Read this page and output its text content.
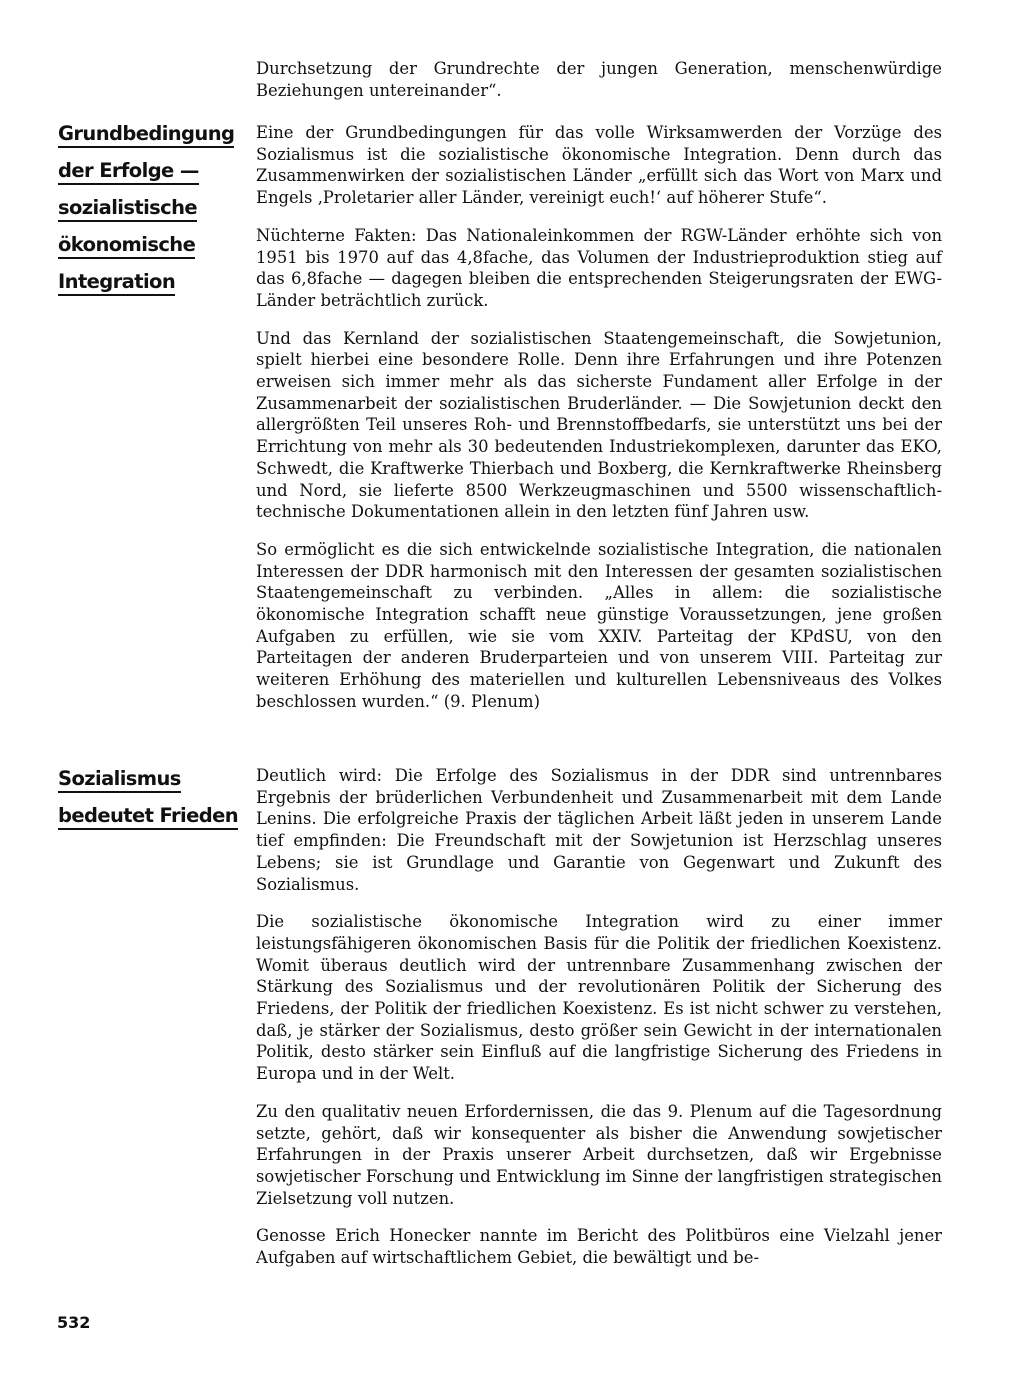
Grundbedingung
der Erfolge —
sozialistische
ökonomische
Integration
Sozialismus
bedeutet Frieden

Durchsetzung der Grundrechte der jungen Generation, menschenwürdige Beziehungen untereinander“.

Eine der Grundbedingungen für das volle Wirksamwerden der Vorzüge des Sozialismus ist die sozialistische ökonomische Integration. Denn durch das Zusammenwirken der sozialistischen Länder „erfüllt sich das Wort von Marx und Engels ‚Proletarier aller Länder, vereinigt euch!‘ auf höherer Stufe“.

Nüchterne Fakten: Das Nationaleinkommen der RGW-Länder erhöhte sich von 1951 bis 1970 auf das 4,8fache, das Volumen der Industrieproduktion stieg auf das 6,8fache — dagegen bleiben die entsprechenden Steigerungsraten der EWG-Länder beträchtlich zurück.

Und das Kernland der sozialistischen Staatengemeinschaft, die Sowjetunion, spielt hierbei eine besondere Rolle. Denn ihre Erfahrungen und ihre Potenzen erweisen sich immer mehr als das sicherste Fundament aller Erfolge in der Zusammenarbeit der sozialistischen Bruderländer. — Die Sowjetunion deckt den allergrößten Teil unseres Roh- und Brennstoffbedarfs, sie unterstützt uns bei der Errichtung von mehr als 30 bedeutenden Industriekomplexen, darunter das EKO, Schwedt, die Kraftwerke Thierbach und Boxberg, die Kernkraftwerke Rheinsberg und Nord, sie lieferte 8500 Werkzeugmaschinen und 5500 wissenschaftlich-technische Dokumentationen allein in den letzten fünf Jahren usw.

So ermöglicht es die sich entwickelnde sozialistische Integration, die nationalen Interessen der DDR harmonisch mit den Interessen der gesamten sozialistischen Staatengemeinschaft zu verbinden. „Alles in allem: die sozialistische ökonomische Integration schafft neue günstige Voraussetzungen, jene großen Aufgaben zu erfüllen, wie sie vom XXIV. Parteitag der KPdSU, von den Parteitagen der anderen Bruderparteien und von unserem VIII. Parteitag zur weiteren Erhöhung des materiellen und kulturellen Lebensniveaus des Volkes beschlossen wurden.“ (9. Plenum)

Deutlich wird: Die Erfolge des Sozialismus in der DDR sind untrennbares Ergebnis der brüderlichen Verbundenheit und Zusammenarbeit mit dem Lande Lenins. Die erfolgreiche Praxis der täglichen Arbeit läßt jeden in unserem Lande tief empfinden: Die Freundschaft mit der Sowjetunion ist Herzschlag unseres Lebens; sie ist Grundlage und Garantie von Gegenwart und Zukunft des Sozialismus.

Die sozialistische ökonomische Integration wird zu einer immer leistungsfähigeren ökonomischen Basis für die Politik der friedlichen Koexistenz. Womit überaus deutlich wird der untrennbare Zusammenhang zwischen der Stärkung des Sozialismus und der revolutionären Politik der Sicherung des Friedens, der Politik der friedlichen Koexistenz. Es ist nicht schwer zu verstehen, daß, je stärker der Sozialismus, desto größer sein Gewicht in der internationalen Politik, desto stärker sein Einfluß auf die langfristige Sicherung des Friedens in Europa und in der Welt.

Zu den qualitativ neuen Erfordernissen, die das 9. Plenum auf die Tagesordnung setzte, gehört, daß wir konsequenter als bisher die Anwendung sowjetischer Erfahrungen in der Praxis unserer Arbeit durchsetzen, daß wir Ergebnisse sowjetischer Forschung und Entwicklung im Sinne der langfristigen strategischen Zielsetzung voll nutzen.

Genosse Erich Honecker nannte im Bericht des Politbüros eine Vielzahl jener Aufgaben auf wirtschaftlichem Gebiet, die bewältigt und be-

532
